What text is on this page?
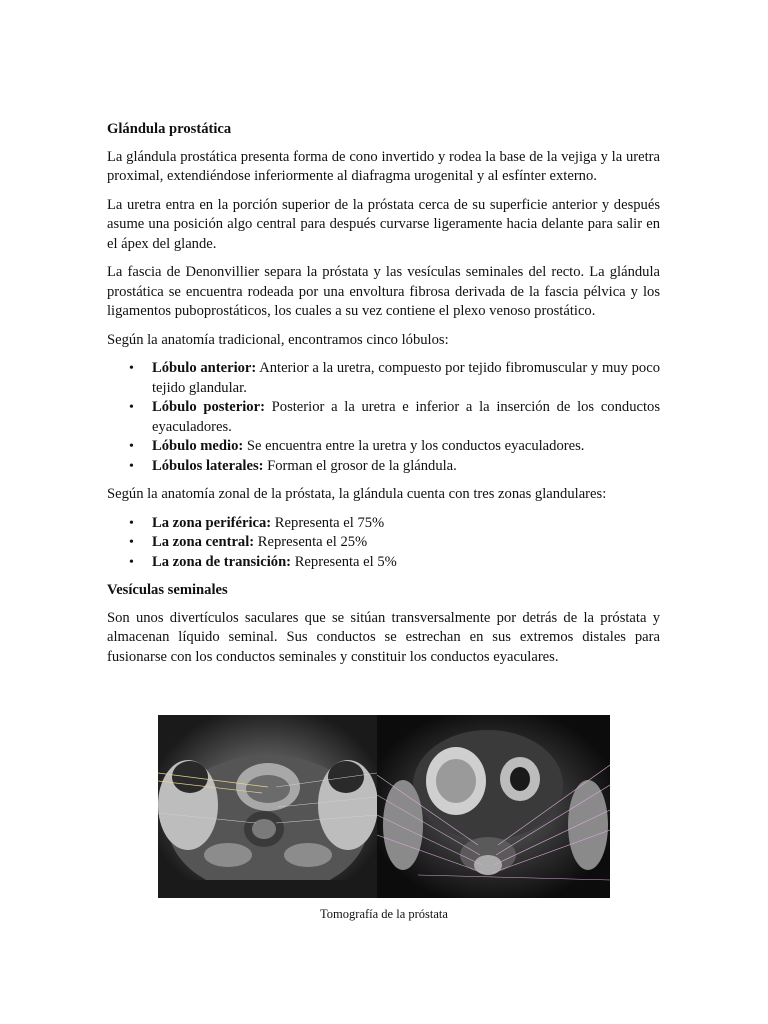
Glándula prostática

La glándula prostática presenta forma de cono invertido y rodea la base de la vejiga y la uretra proximal, extendiéndose inferiormente al diafragma urogenital y al esfínter externo.

La uretra entra en la porción superior de la próstata cerca de su superficie anterior y después asume una posición algo central para después curvarse ligeramente hacia delante para salir en el ápex del glande.

La fascia de Denonvillier separa la próstata y las vesículas seminales del recto. La glándula prostática se encuentra rodeada por una envoltura fibrosa derivada de la fascia pélvica y los ligamentos puboprostáticos, los cuales a su vez contiene el plexo venoso prostático.

Según la anatomía tradicional, encontramos cinco lóbulos:

• Lóbulo anterior: Anterior a la uretra, compuesto por tejido fibromuscular y muy poco tejido glandular.
• Lóbulo posterior: Posterior a la uretra e inferior a la inserción de los conductos eyaculadores.
• Lóbulo medio: Se encuentra entre la uretra y los conductos eyaculadores.
• Lóbulos laterales: Forman el grosor de la glándula.

Según la anatomía zonal de la próstata, la glándula cuenta con tres zonas glandulares:

• La zona periférica: Representa el 75%
• La zona central: Representa el 25%
• La zona de transición: Representa el 5%
Vesículas seminales

Son unos divertículos saculares que se sitúan transversalmente por detrás de la próstata y almacenan líquido seminal. Sus conductos se estrechan en sus extremos distales para fusionarse con los conductos seminales y constituir los conductos eyaculares.

Tomografía de la próstata
